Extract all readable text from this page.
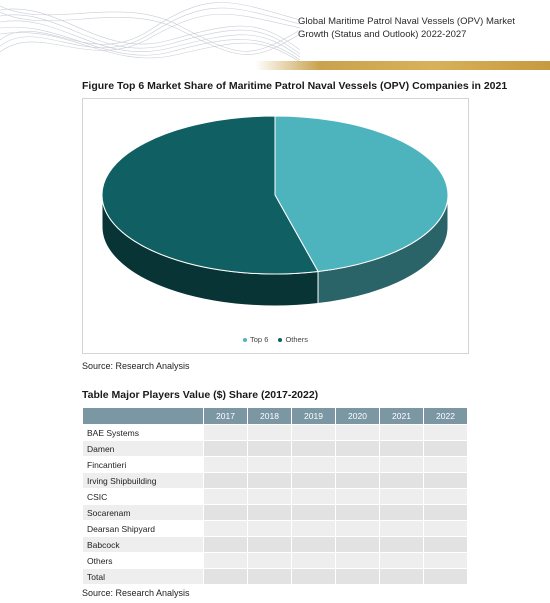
Global Maritime Patrol Naval Vessels (OPV) Market Growth (Status and Outlook) 2022-2027
Figure Top 6 Market Share of Maritime Patrol Naval Vessels (OPV) Companies in 2021
Top 6 Others
Source: Research Analysis
Table Major Players Value ($) Share (2017-2022)
	2017	2018	2019	2020	2021	2022
BAE Systems						
Damen						
Fincantieri						
Irving Shipbuilding						
CSIC						
Socarenam						
Dearsan Shipyard						
Babcock						
Others						
Total						
Source: Research Analysis
